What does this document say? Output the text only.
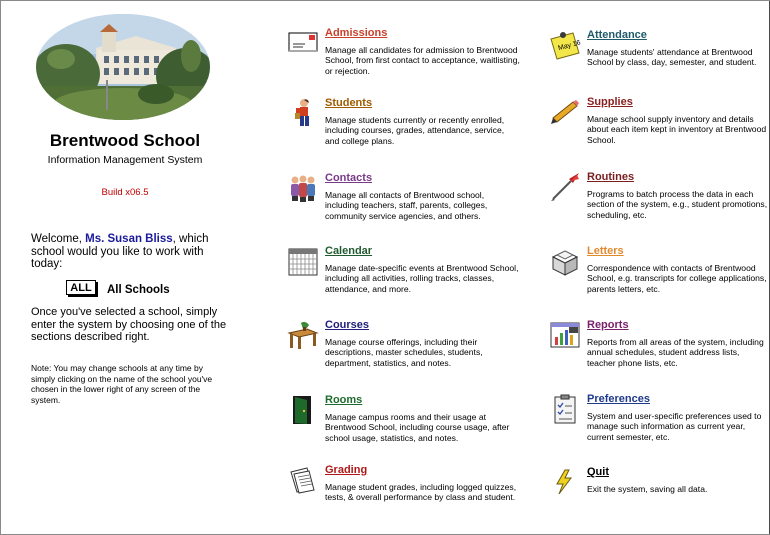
Brentwood School
Information Management System
Build x06.5
Welcome, Ms. Susan Bliss, which school would you like to work with today:
ALL	All Schools
Once you've selected a school, simply enter the system by choosing one of the sections described right.
Note: You may change schools at any time by simply clicking on the name of the school you've chosen in the lower right of any screen of the system.
Admissions
Manage all candidates for admission to Brentwood School, from first contact to acceptance, waitlisting, or rejection.
Students
Manage students currently or recently enrolled, including courses, grades, attendance, service, and college plans.
Contacts
Manage all contacts of Brentwood school, including teachers, staff, parents, colleges, community service agencies, and others.
Calendar
Manage date-specific events at Brentwood School, including all activities, rolling tracks, classes, attendance, and more.
Courses
Manage course offerings, including their descriptions, master schedules, students, department, statistics, and notes.
Rooms
Manage campus rooms and their usage at Brentwood School, including course usage, after school usage, statistics, and notes.
Grading
Manage student grades, including logged quizzes, tests, & overall performance by class and student.
May 16
Attendance
Manage students' attendance at Brentwood School by class, day, semester, and student.
Supplies
Manage school supply inventory and details about each item kept in inventory at Brentwood School.
Routines
Programs to batch process the data in each section of the system, e.g., student promotions, scheduling, etc.
Letters
Correspondence with contacts of Brentwood School, e.g. transcripts for college applications, parents letters, etc.
Reports
Reports from all areas of the system, including annual schedules, student address lists, teacher phone lists, etc.
Preferences
System and user-specific preferences used to manage such information as current year, current semester, etc.
Quit
Exit the system, saving all data.
